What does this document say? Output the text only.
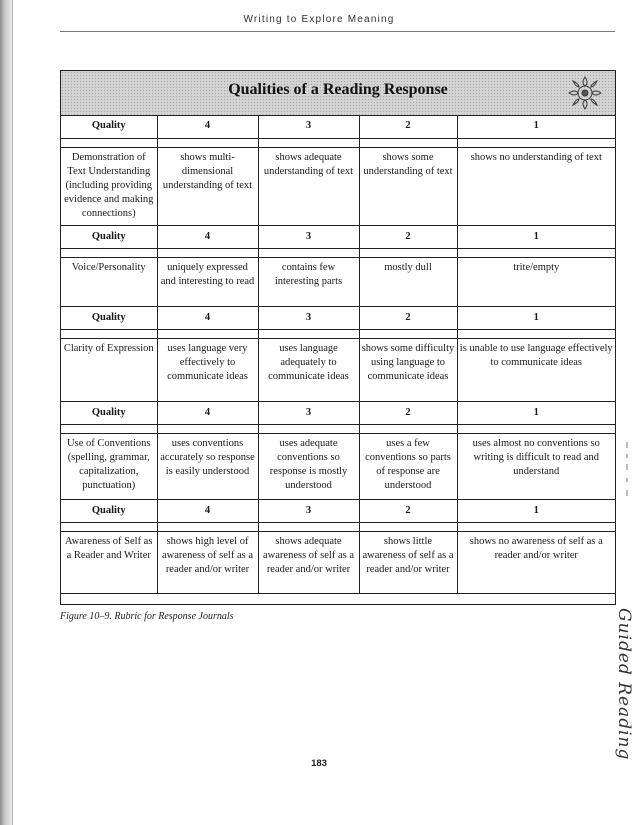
Writing to Explore Meaning
Qualities of a Reading Response
Quality	4	3	2	1

Demonstration of Text Understanding (including providing evidence and making connections)	shows multi-dimensional understanding of text	shows adequate understanding of text	shows some understanding of text	shows no understanding of text
Quality	4	3	2	1

Voice/Personality	uniquely expressed and interesting to read	contains few interesting parts	mostly dull	trite/empty
Quality	4	3	2	1

Clarity of Expression	uses language very effectively to communicate ideas	uses language adequately to communicate ideas	shows some difficulty using language to communicate ideas	is unable to use language effectively to communicate ideas
Quality	4	3	2	1

Use of Conventions (spelling, grammar, capitalization, punctuation)	uses conventions accurately so response is easily understood	uses adequate conventions so response is mostly understood	uses a few conventions so parts of response are understood	uses almost no conventions so writing is difficult to read and understand
Quality	4	3	2	1

Awareness of Self as a Reader and Writer	shows high level of awareness of self as a reader and/or writer	shows adequate awareness of self as a reader and/or writer	shows little awareness of self as a reader and/or writer	shows no awareness of self as a reader and/or writer
Figure 10–9. Rubric for Response Journals
183
Guided Reading
